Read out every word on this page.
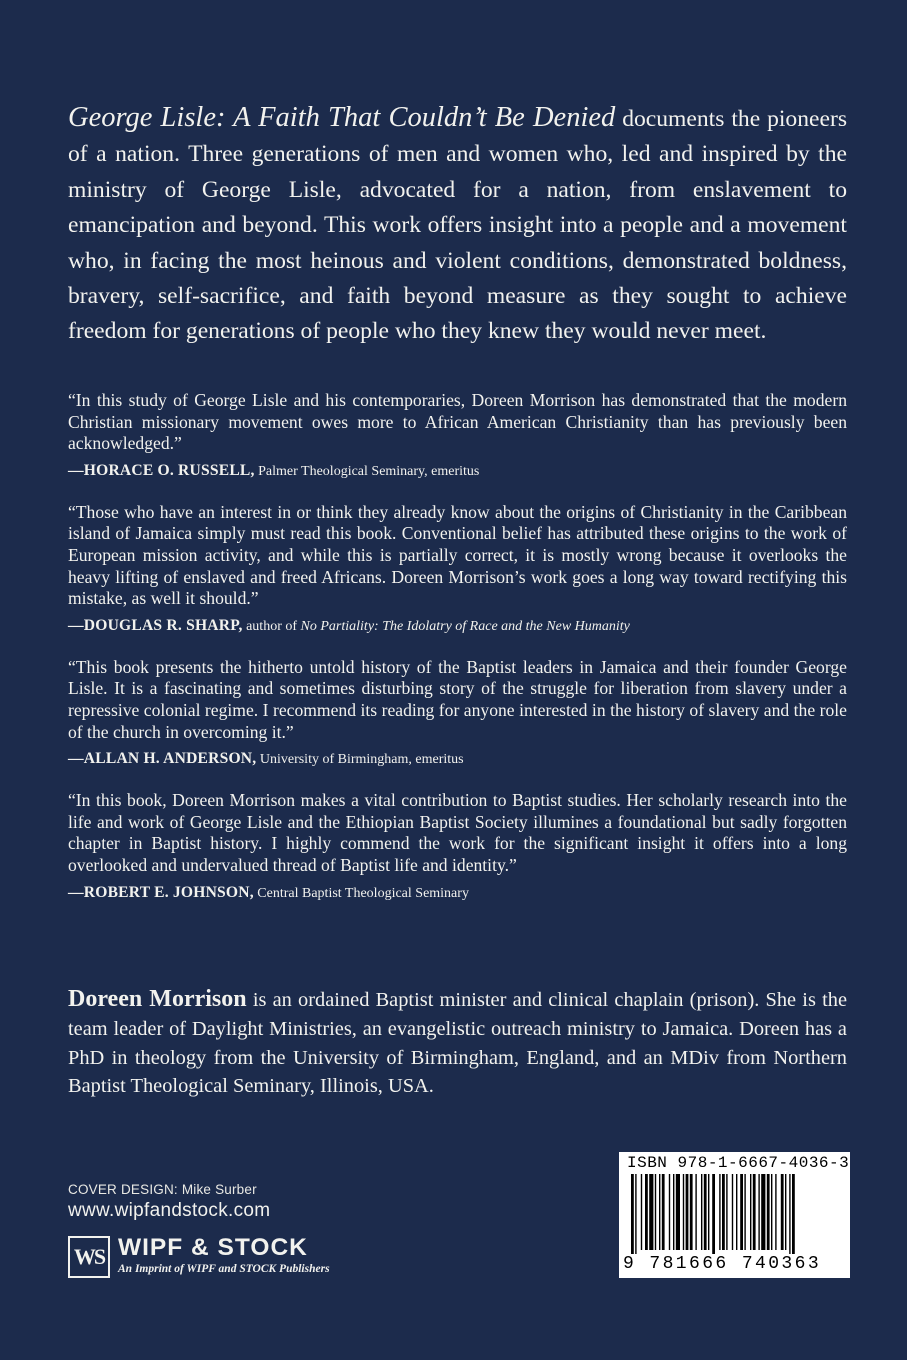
George Lisle: A Faith That Couldn’t Be Denied documents the pioneers of a nation. Three generations of men and women who, led and inspired by the ministry of George Lisle, advocated for a nation, from enslavement to emancipation and beyond. This work offers insight into a people and a movement who, in facing the most heinous and violent conditions, demonstrated boldness, bravery, self-sacrifice, and faith beyond measure as they sought to achieve freedom for generations of people who they knew they would never meet.

“In this study of George Lisle and his contemporaries, Doreen Morrison has demonstrated that the modern Christian missionary movement owes more to African American Christianity than has previously been acknowledged.”

—HORACE O. RUSSELL, Palmer Theological Seminary, emeritus

“Those who have an interest in or think they already know about the origins of Christianity in the Caribbean island of Jamaica simply must read this book. Conventional belief has attributed these origins to the work of European mission activity, and while this is partially correct, it is mostly wrong because it overlooks the heavy lifting of enslaved and freed Africans. Doreen Morrison’s work goes a long way toward rectifying this mistake, as well it should.”

—DOUGLAS R. SHARP, author of No Partiality: The Idolatry of Race and the New Humanity

“This book presents the hitherto untold history of the Baptist leaders in Jamaica and their founder George Lisle. It is a fascinating and sometimes disturbing story of the struggle for liberation from slavery under a repressive colonial regime. I recommend its reading for anyone interested in the history of slavery and the role of the church in overcoming it.”

—ALLAN H. ANDERSON, University of Birmingham, emeritus

“In this book, Doreen Morrison makes a vital contribution to Baptist studies. Her scholarly research into the life and work of George Lisle and the Ethiopian Baptist Society illumines a foundational but sadly forgotten chapter in Baptist history. I highly commend the work for the significant insight it offers into a long overlooked and undervalued thread of Baptist life and identity.”

—ROBERT E. JOHNSON, Central Baptist Theological Seminary

Doreen Morrison is an ordained Baptist minister and clinical chaplain (prison). She is the team leader of Daylight Ministries, an evangelistic outreach ministry to Jamaica. Doreen has a PhD in theology from the University of Birmingham, England, and an MDiv from Northern Baptist Theological Seminary, Illinois, USA.

COVER DESIGN: Mike Surber
www.wipfandstock.com
WS WIPF & STOCK
An Imprint of WIPF and STOCK Publishers
ISBN 978-1-6667-4036-3
9 781666 740363
